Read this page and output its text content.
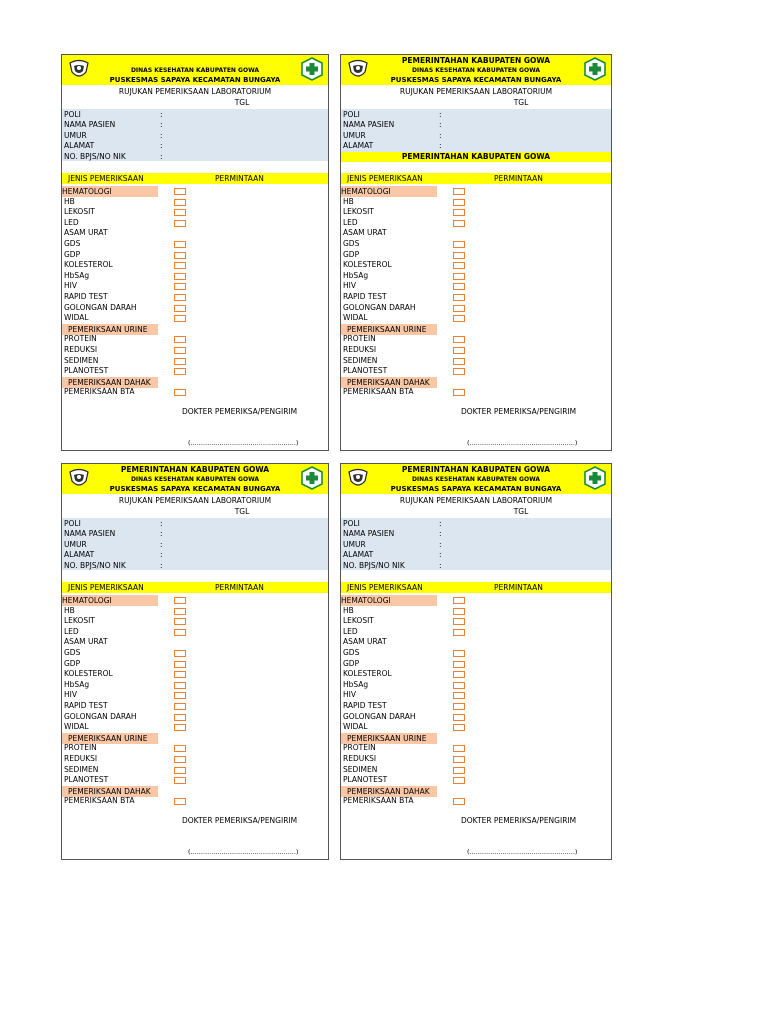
DINAS KESEHATAN KABUPATEN GOWA
PUSKESMAS SAPAYA KECAMATAN BUNGAYA
RUJUKAN PEMERIKSAAN LABORATORIUM
TGL
POLI	:
NAMA PASIEN	:
UMUR	:
ALAMAT	:
NO. BPJS/NO NIK	:
JENIS PEMERIKSAAN	PERMINTAAN
HEMATOLOGI
HB
LEKOSIT
LED
ASAM URAT
GDS
GDP
KOLESTEROL
HbSAg
HIV
RAPID TEST
GOLONGAN DARAH
WIDAL
PEMERIKSAAN URINE
PROTEIN
REDUKSI
SEDIMEN
PLANOTEST
PEMERIKSAAN DAHAK
PEMERIKSAAN BTA
DOKTER PEMERIKSA/PENGIRIM
(...................................................)
PEMERINTAHAN KABUPATEN GOWA
DINAS KESEHATAN KABUPATEN GOWA
PUSKESMAS SAPAYA KECAMATAN BUNGAYA
RUJUKAN PEMERIKSAAN LABORATORIUM
TGL
POLI	:
NAMA PASIEN	:
UMUR	:
ALAMAT	:
PEMERINTAHAN KABUPATEN GOWA
JENIS PEMERIKSAAN	PERMINTAAN
HEMATOLOGI
HB
LEKOSIT
LED
ASAM URAT
GDS
GDP
KOLESTEROL
HbSAg
HIV
RAPID TEST
GOLONGAN DARAH
WIDAL
PEMERIKSAAN URINE
PROTEIN
REDUKSI
SEDIMEN
PLANOTEST
PEMERIKSAAN DAHAK
PEMERIKSAAN BTA
DOKTER PEMERIKSA/PENGIRIM
(...................................................)
PEMERINTAHAN KABUPATEN GOWA
DINAS KESEHATAN KABUPATEN GOWA
PUSKESMAS SAPAYA KECAMATAN BUNGAYA
RUJUKAN PEMERIKSAAN LABORATORIUM
TGL
POLI	:
NAMA PASIEN	:
UMUR	:
ALAMAT	:
NO. BPJS/NO NIK	:
JENIS PEMERIKSAAN	PERMINTAAN
HEMATOLOGI
HB
LEKOSIT
LED
ASAM URAT
GDS
GDP
KOLESTEROL
HbSAg
HIV
RAPID TEST
GOLONGAN DARAH
WIDAL
PEMERIKSAAN URINE
PROTEIN
REDUKSI
SEDIMEN
PLANOTEST
PEMERIKSAAN DAHAK
PEMERIKSAAN BTA
DOKTER PEMERIKSA/PENGIRIM
(...................................................)
PEMERINTAHAN KABUPATEN GOWA
DINAS KESEHATAN KABUPATEN GOWA
PUSKESMAS SAPAYA KECAMATAN BUNGAYA
RUJUKAN PEMERIKSAAN LABORATORIUM
TGL
POLI	:
NAMA PASIEN	:
UMUR	:
ALAMAT	:
NO. BPJS/NO NIK	:
JENIS PEMERIKSAAN	PERMINTAAN
HEMATOLOGI
HB
LEKOSIT
LED
ASAM URAT
GDS
GDP
KOLESTEROL
HbSAg
HIV
RAPID TEST
GOLONGAN DARAH
WIDAL
PEMERIKSAAN URINE
PROTEIN
REDUKSI
SEDIMEN
PLANOTEST
PEMERIKSAAN DAHAK
PEMERIKSAAN BTA
DOKTER PEMERIKSA/PENGIRIM
(...................................................)
